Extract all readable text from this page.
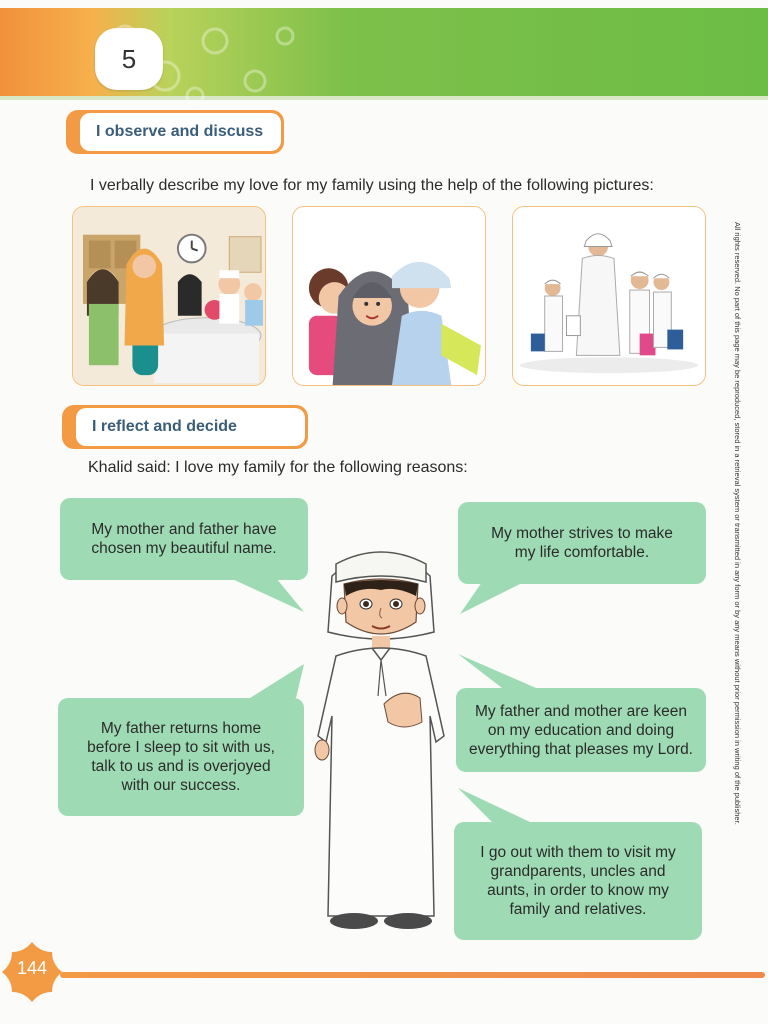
5
I observe and discuss
I verbally describe my love for my family using the help of the following pictures:
I reflect and decide
Khalid said: I love my family for the following reasons:
My mother and father have
chosen my beautiful name.
My mother strives to make
my life comfortable.
My father returns home
before I sleep to sit with us,
talk to us and is overjoyed
with our success.
My father and mother are keen
on my education and doing
everything that pleases my Lord.
I go out with them to visit my
grandparents, uncles and
aunts, in order to know my
family and relatives.
All rights reserved. No part of this page may be reproduced, stored in a retrieval system or transmitted in any form or by any means without prior permission in writing of the publisher.
144
